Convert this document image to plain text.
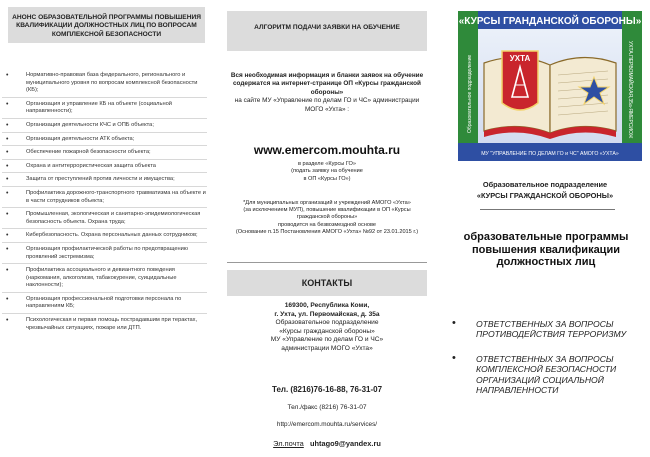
АНОНС ОБРАЗОВАТЕЛЬНОЙ ПРОГРАММЫ ПОВЫШЕНИЯ КВАЛИФИКАЦИИ ДОЛЖНОСТНЫХ ЛИЦ ПО ВОПРОСАМ КОМПЛЕКСНОЙ БЕЗОПАСНОСТИ
• Нормативно-правовая база федерального, регионального и муниципального уровня по вопросам комплексной безопасности (КБ);
• Организация и управление КБ на объекте (социальной направленности);
• Организация деятельности КЧС и ОПБ объекта;
• Организация деятельности АТК объекта;
• Обеспечение пожарной безопасности объекта;
• Охрана и антитеррористическая защита объекта
• Защита от преступлений против личности и имущества;
• Профилактика дорожного-транспортного травматизма на объекте и в части сотрудников объекта;
• Промышленная, экологическая и санитарно-эпидемиологическая безопасность объекта. Охрана труда;
• Кибербезопасность. Охрана персональных данных сотрудников;
• Организация профилактической работы по предотвращению проявлений экстремизма;
• Профилактика ассоциального и девиантного поведения (наркомания, алкоголизм, табакокурение, суицидальные наклонности);
• Организация профессиональной подготовки персонала по направлениям КБ;
• Психологическая и первая помощь пострадавшим при терактах, чрезвычайных ситуациях, пожаре или ДТП.
АЛГОРИТМ ПОДАЧИ ЗАЯВКИ НА ОБУЧЕНИЕ
Вся необходимая информация и бланки заявок на обучение содержатся на интернет-странице ОП «Курсы гражданской обороны»
на сайте МУ «Управление по делам ГО и ЧС» администрации МОГО «Ухта» :
www.emercom.mouhta.ru
в разделе «Курсы ГО»
(подать заявку на обучение
в ОП «Курсы ГО»)
*Для муниципальных организаций и учреждений АМОГО «Ухта»
(за исключением МУП), повышение квалификации в ОП «Курсы гражданской обороны»
проводится на безвозмездной основе
(Основание п.15 Постановления АМОГО «Ухта» №92 от 23.01.2015 г.)
КОНТАКТЫ
169300, Республика Коми,
г. Ухта, ул. Первомайская, д. 35а
Образовательное подразделение
«Курсы гражданской обороны»
МУ «Управление по делам ГО и ЧС»
администрации МОГО «Ухта»
Тел. (8216)76-16-88, 76-31-07
Тел./факс (8216) 76-31-07
http://emercom.mouhta.ru/services/
Эл.почта uhtago9@yandex.ru
«КУРСЫ ГРАНДАНСКОЙ ОБОРОНЫ»
Образовательное подразделение	УХТА.ПЕРВОМАЙСКАЯ,35а-ЯМЕРСИОЖ
МУ "УПРАВЛЕНИЕ ПО ДЕЛАМ ГО и ЧС" АМОГО «УХТА»
УХТА
Образовательное подразделение
«КУРСЫ ГРАЖДАНСКОЙ ОБОРОНЫ»
образовательные программы повышения квалификации должностных лиц
• ОТВЕТСТВЕННЫХ ЗА ВОПРОСЫ ПРОТИВОДЕЙСТВИЯ ТЕРРОРИЗМУ
• ОТВЕТСТВЕННЫХ ЗА ВОПРОСЫ КОМПЛЕКСНОЙ БЕЗОПАСНОСТИ ОРГАНИЗАЦИЙ СОЦИАЛЬНОЙ НАПРАВЛЕННОСТИ
